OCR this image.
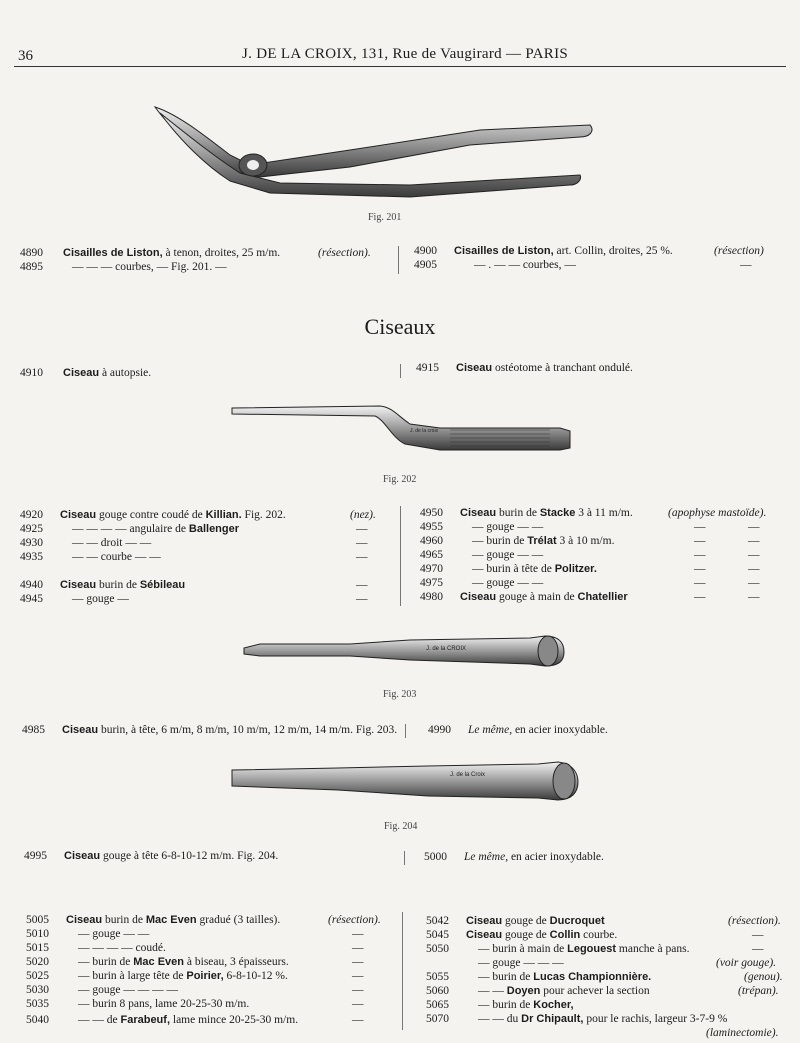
36	J. DE LA CROIX, 131, Rue de Vaugirard — PARIS
Fig. 201
4890 Cisailles de Liston, à tenon, droites, 25 m/m.	(résection).
4895	— — — courbes, — Fig. 201. —
4900 Cisailles de Liston, art. Collin, droites, 25 %.	(résection)
4905	— . — — courbes, —	—
Ciseaux
4910 Ciseau à autopsie.	4915 Ciseau ostéotome à tranchant ondulé.
J. de la croix
Fig. 202
4920 Ciseau gouge contre coudé de Killian. Fig. 202.	(nez).
4925	— — — — angulaire de Ballenger	—
4930	— — droit — —	—
4935	— — courbe — —	—
4940 Ciseau burin de Sébileau	—
4945	— gouge —	—
4950 Ciseau burin de Stacke 3 à 11 m/m.	(apophyse mastoïde).
4955	— gouge — —	—	—
4960	— burin de Trélat 3 à 10 m/m.	—	—
4965	— gouge — —	—	—
4970	— burin à tête de Politzer.	—	—
4975	— gouge — —	—	—
4980 Ciseau gouge à main de Chatellier	—	—
J. de la CROIX
Fig. 203
4985 Ciseau burin, à tête, 6 m/m, 8 m/m, 10 m/m, 12 m/m, 14 m/m. Fig. 203.	4990 Le même, en acier inoxydable.
J. de la Croix
Fig. 204
4995 Ciseau gouge à tête 6-8-10-12 m/m. Fig. 204.	5000 Le même, en acier inoxydable.
5005 Ciseau burin de Mac Even gradué (3 tailles).	(résection).
5010	— gouge — —	—
5015	— — — — coudé.	—
5020	— burin de Mac Even à biseau, 3 épaisseurs.	—
5025	— burin à large tête de Poirier, 6-8-10-12 %.	—
5030	— gouge — — — —	—
5035	— burin 8 pans, lame 20-25-30 m/m.	—
5040	— — de Farabeuf, lame mince 20-25-30 m/m.	—
5042 Ciseau gouge de Ducroquet	(résection).
5045 Ciseau gouge de Collin courbe.	—
5050	— burin à main de Legouest manche à pans.	—
— gouge — — —	(voir gouge).
5055	— burin de Lucas Championnière.	(genou).
5060	— — Doyen pour achever la section	(trépan).
5065	— burin de Kocher,
5070	— — du Dr Chipault, pour le rachis, largeur 3-7-9 %
(laminectomie).
